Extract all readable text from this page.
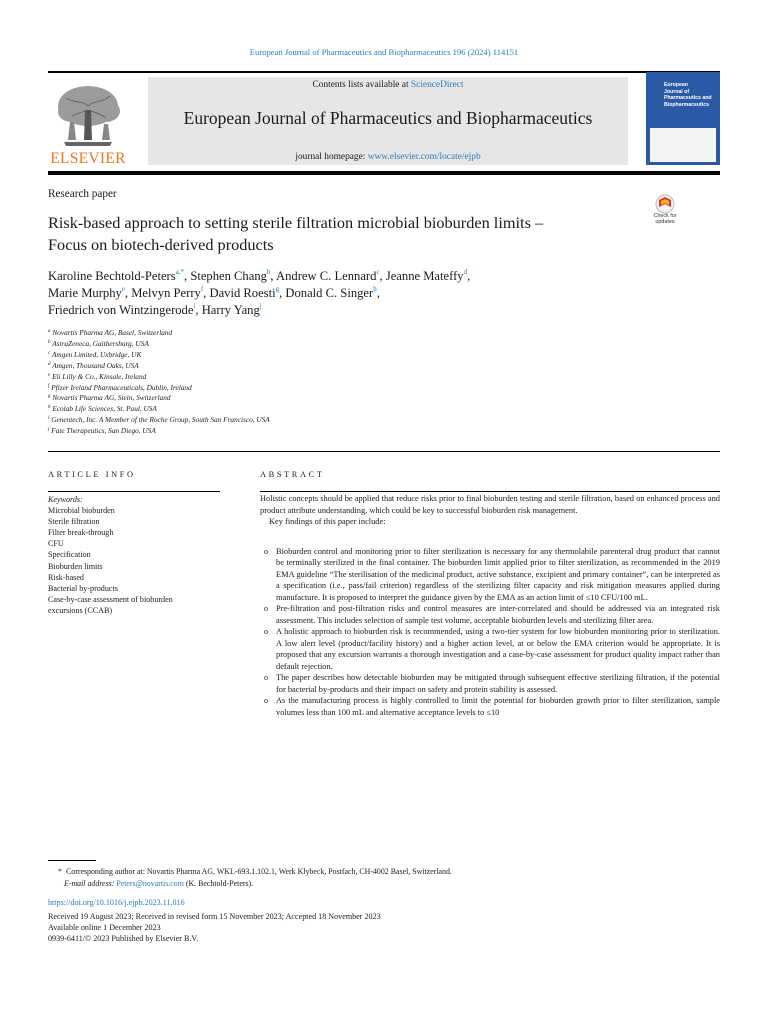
European Journal of Pharmaceutics and Biopharmaceutics 196 (2024) 114151
ELSEVIER
Contents lists available at ScienceDirect
European Journal of Pharmaceutics and Biopharmaceutics
journal homepage: www.elsevier.com/locate/ejpb
European
Journal of
Pharmaceutics and
Biopharmaceutics
Research paper
Risk-based approach to setting sterile filtration microbial bioburden limits –
Focus on biotech-derived products
Check for
updates
Karoline Bechtold-Peters$^{a,*}$, Stephen Chang$^b$, Andrew C. Lennard$^c$, Jeanne Mateffy$^d$,
Marie Murphy$^e$, Melvyn Perry$^f$, David Roesti$^g$, Donald C. Singer$^h$,
Friedrich von Wintzingerode$^i$, Harry Yang$^j$
$^a$ Novartis Pharma AG, Basel, Switzerland
$^b$ AstraZeneca, Gaithersburg, USA
$^c$ Amgen Limited, Uxbridge, UK
$^d$ Amgen, Thousand Oaks, USA
$^e$ Eli Lilly & Co., Kinsale, Ireland
$^f$ Pfizer Ireland Pharmaceuticals, Dublin, Ireland
$^g$ Novartis Pharma AG, Stein, Switzerland
$^h$ Ecolab Life Sciences, St. Paul, USA
$^i$ Genentech, Inc. A Member of the Roche Group, South San Francisco, USA
$^j$ Fate Therapeutics, San Diego, USA
ARTICLE INFO
Keywords:
Microbial bioburden
Sterile filtration
Filter break-through
CFU
Specification
Bioburden limits
Risk-based
Bacterial by-products
Case-by-case assessment of bioburden
excursions (CCAB)
ABSTRACT

Holistic concepts should be applied that reduce risks prior to final bioburden testing and sterile filtration, based on enhanced process and product attribute understanding, which could be key to successful bioburden risk management.

Key findings of this paper include:

o Bioburden control and monitoring prior to filter sterilization is necessary for any thermolabile parenteral drug product that cannot be terminally sterilized in the final container. The bioburden limit applied prior to filter sterilization, as recommended in the 2019 EMA guideline “The sterilisation of the medicinal product, active substance, excipient and primary container”, can be interpreted as a specification (i.e., pass/fail criterion) regardless of the sterilizing filter capacity and risk mitigation measures applied during manufacture. It is proposed to interpret the guidance given by the EMA as an action limit of ≤10 CFU/100 mL.
o Pre-filtration and post-filtration risks and control measures are inter-correlated and should be addressed via an integrated risk assessment. This includes selection of sample test volume, acceptable bioburden levels and sterilizing filter area.
o A holistic approach to bioburden risk is recommended, using a two-tier system for low bioburden monitoring prior to sterilization. A low alert level (product/facility history) and a higher action level, at or below the EMA criterion would be appropriate. It is proposed that any excursion warrants a thorough investigation and a case-by-case assessment for product quality impact rather than default rejection.
o The paper describes how detectable bioburden may be mitigated through subsequent effective sterilizing filtration, if the potential for bacterial by-products and their impact on safety and protein stability is assessed.
o As the manufacturing process is highly controlled to limit the potential for bioburden growth prior to filter sterilization, sample volumes less than 100 mL and alternative acceptance levels to ≤10
* Corresponding author at: Novartis Pharma AG, WKL-693.1.102.1, Werk Klybeck, Postfach, CH-4002 Basel, Switzerland.
E-mail address: Peters@novartis.com (K. Bechtold-Peters).
https://doi.org/10.1016/j.ejpb.2023.11.016
Received 19 August 2023; Received in revised form 15 November 2023; Accepted 18 November 2023
Available online 1 December 2023
0939-6411/© 2023 Published by Elsevier B.V.
